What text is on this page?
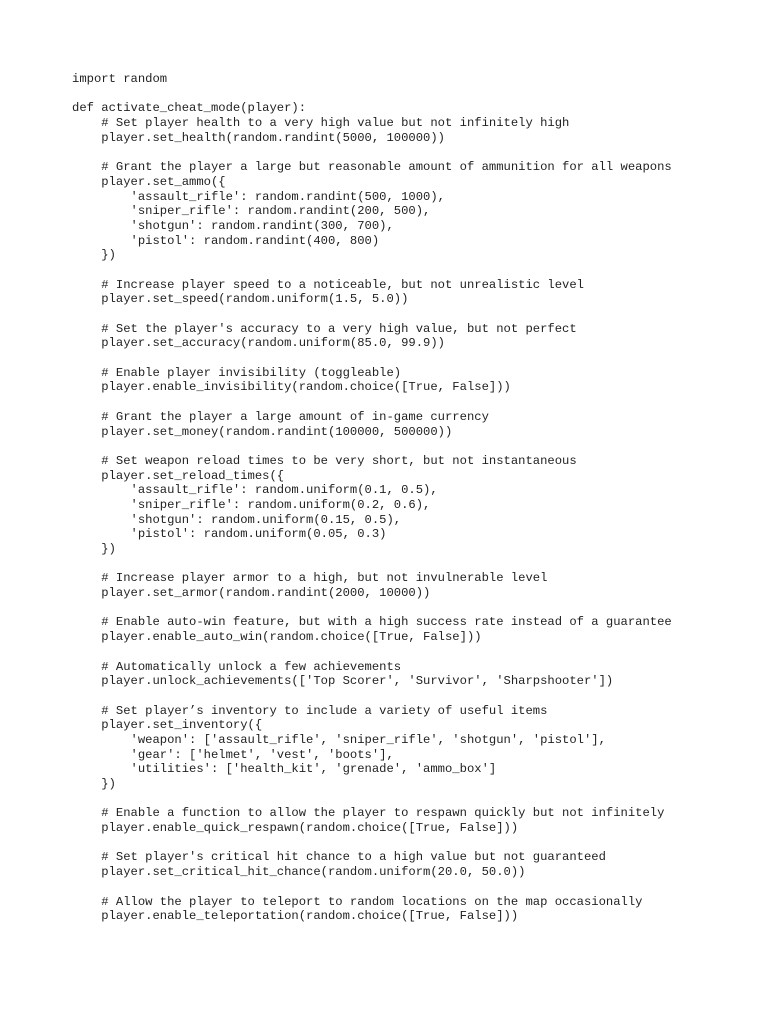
import random
def activate_cheat_mode(player):
# Set player health to a very high value but not infinitely high
player.set_health(random.randint(5000, 100000))
# Grant the player a large but reasonable amount of ammunition for all weapons
player.set_ammo({
'assault_rifle': random.randint(500, 1000),
'sniper_rifle': random.randint(200, 500),
'shotgun': random.randint(300, 700),
'pistol': random.randint(400, 800)
})
# Increase player speed to a noticeable, but not unrealistic level
player.set_speed(random.uniform(1.5, 5.0))
# Set the player's accuracy to a very high value, but not perfect
player.set_accuracy(random.uniform(85.0, 99.9))
# Enable player invisibility (toggleable)
player.enable_invisibility(random.choice([True, False]))
# Grant the player a large amount of in-game currency
player.set_money(random.randint(100000, 500000))
# Set weapon reload times to be very short, but not instantaneous
player.set_reload_times({
'assault_rifle': random.uniform(0.1, 0.5),
'sniper_rifle': random.uniform(0.2, 0.6),
'shotgun': random.uniform(0.15, 0.5),
'pistol': random.uniform(0.05, 0.3)
})
# Increase player armor to a high, but not invulnerable level
player.set_armor(random.randint(2000, 10000))
# Enable auto-win feature, but with a high success rate instead of a guarantee
player.enable_auto_win(random.choice([True, False]))
# Automatically unlock a few achievements
player.unlock_achievements(['Top Scorer', 'Survivor', 'Sharpshooter'])
# Set player’s inventory to include a variety of useful items
player.set_inventory({
'weapon': ['assault_rifle', 'sniper_rifle', 'shotgun', 'pistol'],
'gear': ['helmet', 'vest', 'boots'],
'utilities': ['health_kit', 'grenade', 'ammo_box']
})
# Enable a function to allow the player to respawn quickly but not infinitely
player.enable_quick_respawn(random.choice([True, False]))
# Set player's critical hit chance to a high value but not guaranteed
player.set_critical_hit_chance(random.uniform(20.0, 50.0))
# Allow the player to teleport to random locations on the map occasionally
player.enable_teleportation(random.choice([True, False]))
